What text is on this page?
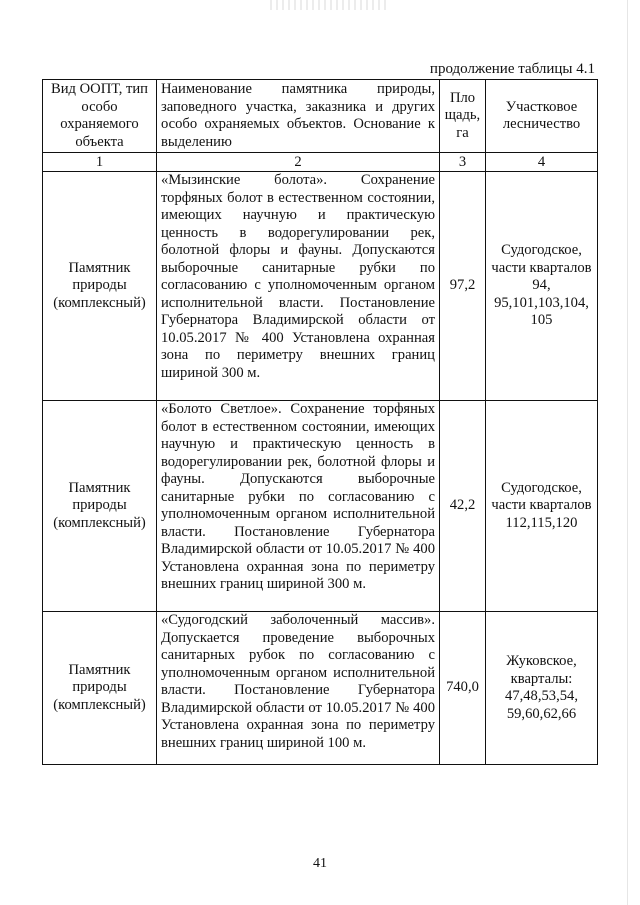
продолжение таблицы 4.1
Вид ООПТ, тип особо охраняемого объекта	Наименование памятника природы, заповедного участка, заказника и других особо охраняемых объектов. Основание к выделению	Пло щадь, га	Участковое лесничество
1	2	3	4
Памятник природы (комплексный)	«Мызинские болота». Сохранение торфяных болот в естественном состоянии, имеющих научную и практическую ценность в водорегулировании рек, болотной флоры и фауны. Допускаются выборочные санитарные рубки по согласованию с уполномоченным органом исполнительной власти. Постановление Губернатора Владимирской области от 10.05.2017 № 400 Установлена охранная зона по периметру внешних границ шириной 300 м.	97,2	Судогодское, части кварталов 94, 95,101,103,104, 105
Памятник природы (комплексный)	«Болото Светлое». Сохранение торфяных болот в естественном состоянии, имеющих научную и практическую ценность в водорегулировании рек, болотной флоры и фауны. Допускаются выборочные санитарные рубки по согласованию с уполномоченным органом исполнительной власти. Постановление Губернатора Владимирской области от 10.05.2017 № 400 Установлена охранная зона по периметру внешних границ шириной 300 м.	42,2	Судогодское, части кварталов 112,115,120
Памятник природы (комплексный)	«Судогодский заболоченный массив». Допускается проведение выборочных санитарных рубок по согласованию с уполномоченным органом исполнительной власти. Постановление Губернатора Владимирской области от 10.05.2017 № 400 Установлена охранная зона по периметру внешних границ шириной 100 м.	740,0	Жуковское, кварталы: 47,48,53,54, 59,60,62,66
41
